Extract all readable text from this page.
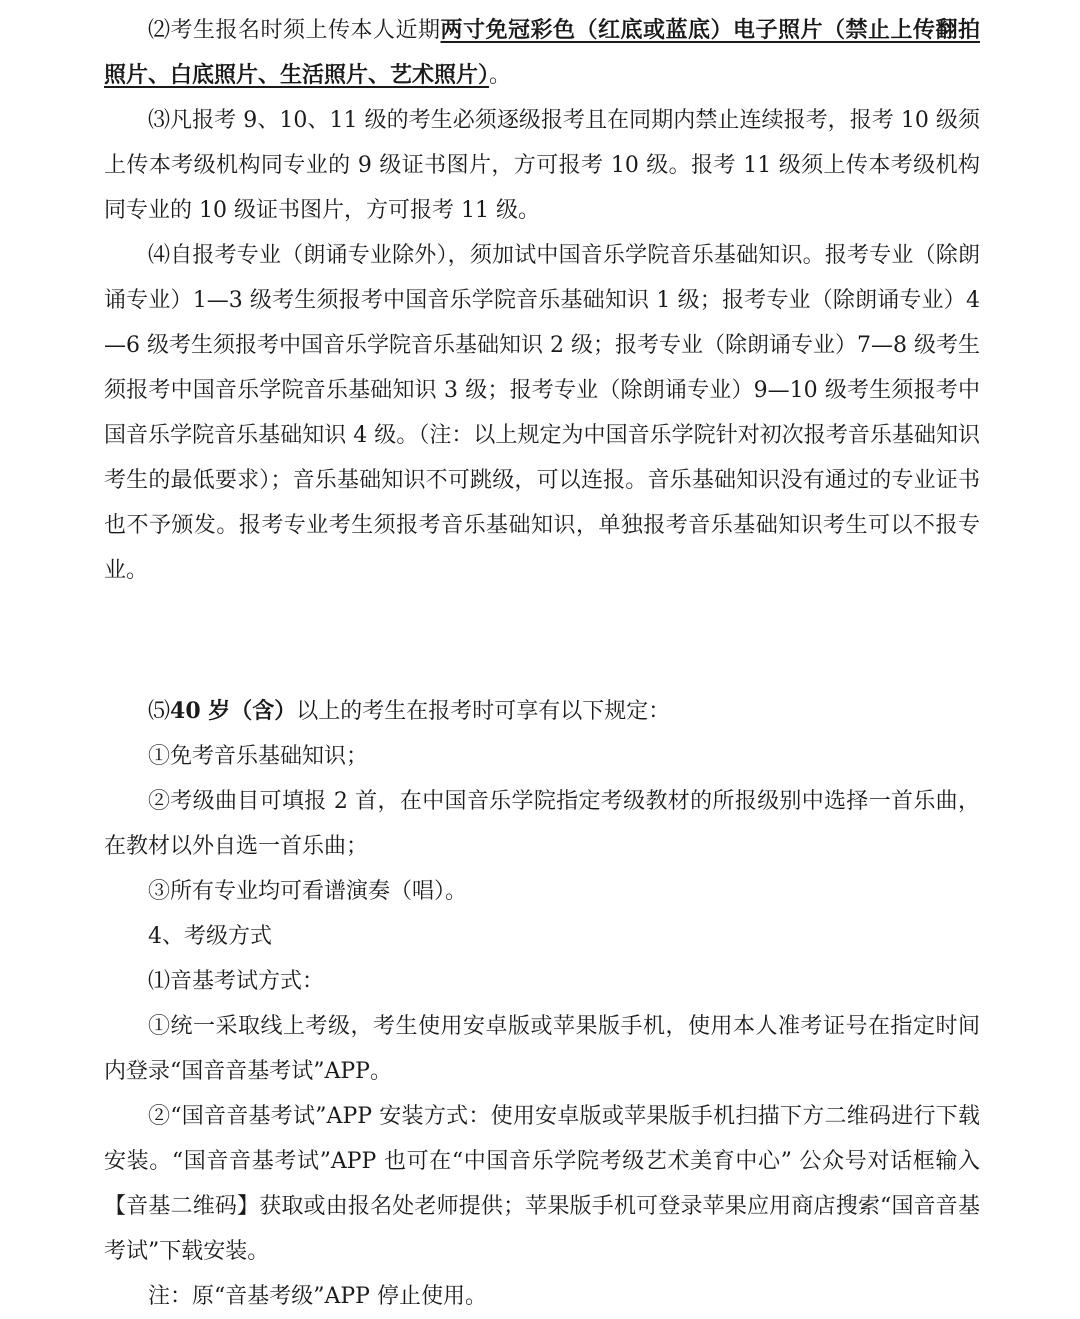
⑵考生报名时须上传本人近期两寸免冠彩色（红底或蓝底）电子照片（禁止上传翻拍照片、白底照片、生活照片、艺术照片）。

⑶凡报考 9、10、11 级的考生必须逐级报考且在同期内禁止连续报考，报考 10 级须上传本考级机构同专业的 9 级证书图片，方可报考 10 级。报考 11 级须上传本考级机构同专业的 10 级证书图片，方可报考 11 级。

⑷自报考专业（朗诵专业除外），须加试中国音乐学院音乐基础知识。报考专业（除朗诵专业）1—3 级考生须报考中国音乐学院音乐基础知识 1 级；报考专业（除朗诵专业）4—6 级考生须报考中国音乐学院音乐基础知识 2 级；报考专业（除朗诵专业）7—8 级考生须报考中国音乐学院音乐基础知识 3 级；报考专业（除朗诵专业）9—10 级考生须报考中国音乐学院音乐基础知识 4 级。（注：以上规定为中国音乐学院针对初次报考音乐基础知识考生的最低要求）；音乐基础知识不可跳级，可以连报。音乐基础知识没有通过的专业证书也不予颁发。报考专业考生须报考音乐基础知识，单独报考音乐基础知识考生可以不报专业。

⑸40 岁（含）以上的考生在报考时可享有以下规定：

①免考音乐基础知识；

②考级曲目可填报 2 首，在中国音乐学院指定考级教材的所报级别中选择一首乐曲，在教材以外自选一首乐曲；

③所有专业均可看谱演奏（唱）。

4、考级方式

⑴音基考试方式：

①统一采取线上考级，考生使用安卓版或苹果版手机，使用本人准考证号在指定时间内登录“国音音基考试”APP。

②“国音音基考试”APP 安装方式：使用安卓版或苹果版手机扫描下方二维码进行下载安装。“国音音基考试”APP 也可在“中国音乐学院考级艺术美育中心” 公众号对话框输入【音基二维码】获取或由报名处老师提供；苹果版手机可登录苹果应用商店搜索“国音音基考试”下载安装。

注：原“音基考级”APP 停止使用。
